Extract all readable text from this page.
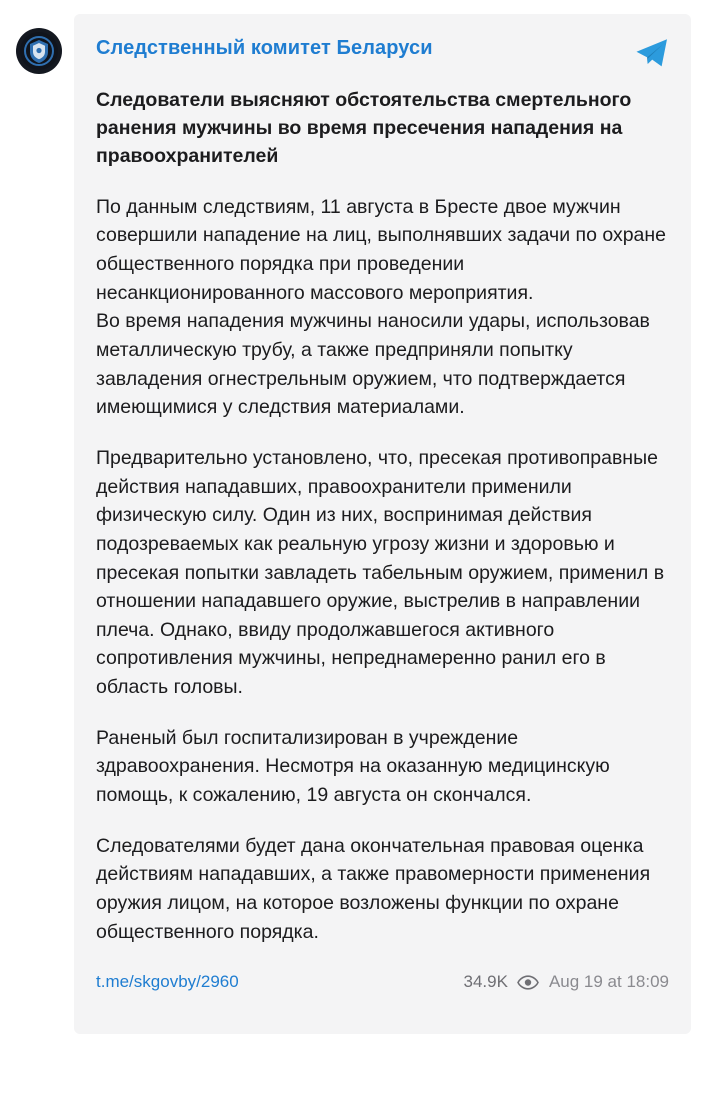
Следственный комитет Беларуси
Следователи выясняют обстоятельства смертельного ранения мужчины во время пресечения нападения на правоохранителей
По данным следствиям, 11 августа в Бресте двое мужчин совершили нападение на лиц, выполнявших задачи по охране общественного порядка при проведении несанкционированного массового мероприятия.
Во время нападения мужчины наносили удары, использовав металлическую трубу, а также предприняли попытку завладения огнестрельным оружием, что подтверждается имеющимися у следствия материалами.
Предварительно установлено, что, пресекая противоправные действия нападавших, правоохранители применили физическую силу. Один из них, воспринимая действия подозреваемых как реальную угрозу жизни и здоровью и пресекая попытки завладеть табельным оружием, применил в отношении нападавшего оружие, выстрелив в направлении плеча. Однако, ввиду продолжавшегося активного сопротивления мужчины, непреднамеренно ранил его в область головы.
Раненый был госпитализирован в учреждение здравоохранения. Несмотря на оказанную медицинскую помощь, к сожалению, 19 августа он скончался.
Следователями будет дана окончательная правовая оценка действиям нападавших, а также правомерности применения оружия лицом, на которое возложены функции по охране общественного порядка.
t.me/skgovby/2960	34.9K Aug 19 at 18:09
